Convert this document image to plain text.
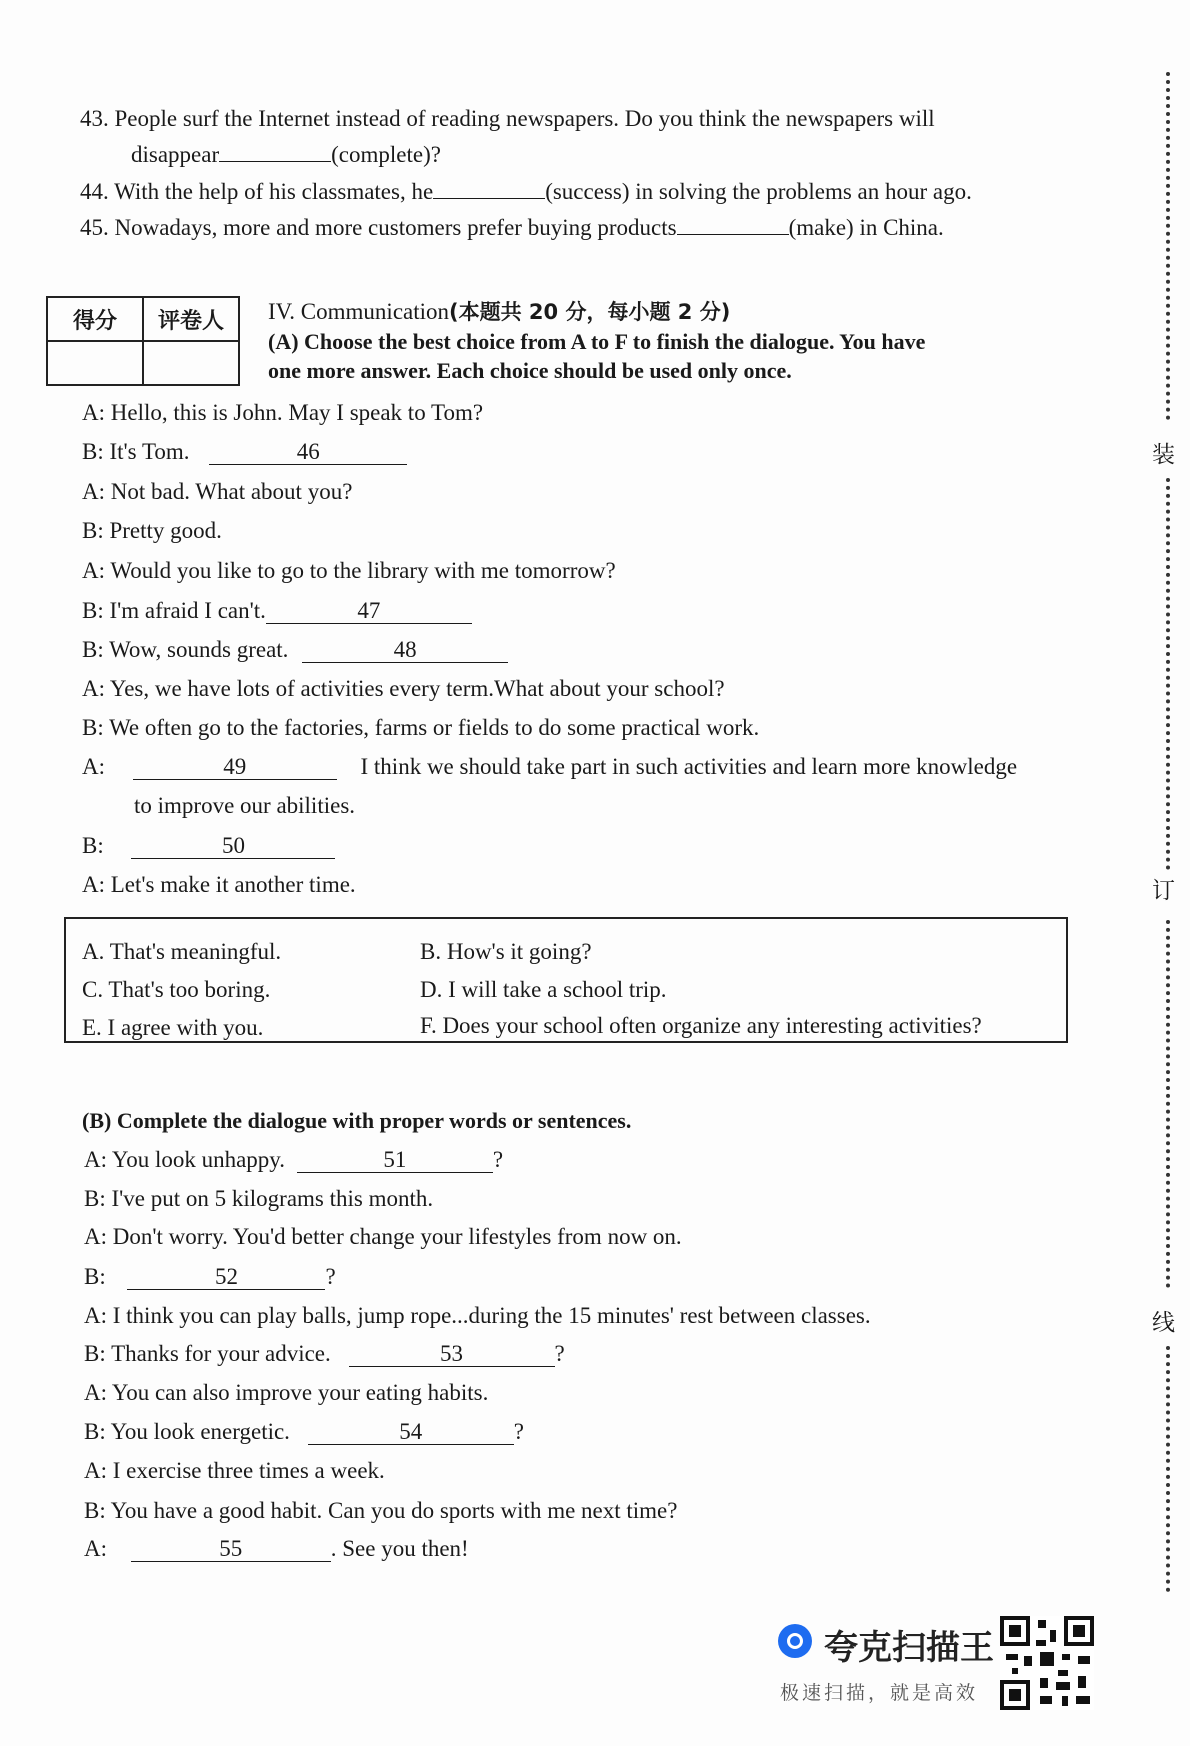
43. People surf the Internet instead of reading newspapers. Do you think the newspapers will
disappear	(complete)?
44. With the help of his classmates, he	(success) in solving the problems an hour ago.
45. Nowadays, more and more customers prefer buying products	(make) in China.
得分	评卷人
	IV. Communication(本题共 20 分，每小题 2 分)
(A) Choose the best choice from A to F to finish the dialogue. You have
one more answer. Each choice should be used only once.
A: Hello, this is John. May I speak to Tom?
B: It's Tom.	46
A: Not bad. What about you?
B: Pretty good.
A: Would you like to go to the library with me tomorrow?
B: I'm afraid I can't.	47
B: Wow, sounds great.	48
A: Yes, we have lots of activities every term.What about your school?
B: We often go to the factories, farms or fields to do some practical work.
A:	49	I think we should take part in such activities and learn more knowledge
to improve our abilities.
B:	50
A: Let's make it another time.
A. That's meaningful.	B. How's it going?
C. That's too boring.	D. I will take a school trip.
E. I agree with you.	F. Does your school often organize any interesting activities?
(B) Complete the dialogue with proper words or sentences.
A: You look unhappy.	51	?
B: I've put on 5 kilograms this month.
A: Don't worry. You'd better change your lifestyles from now on.
B:	52	?
A: I think you can play balls, jump rope...during the 15 minutes' rest between classes.
B: Thanks for your advice.	53	?
A: You can also improve your eating habits.
B: You look energetic.	54	?
A: I exercise three times a week.
B: You have a good habit. Can you do sports with me next time?
A:	55	. See you then!
装
订
线
夸克扫描王
极速扫描，就是高效
